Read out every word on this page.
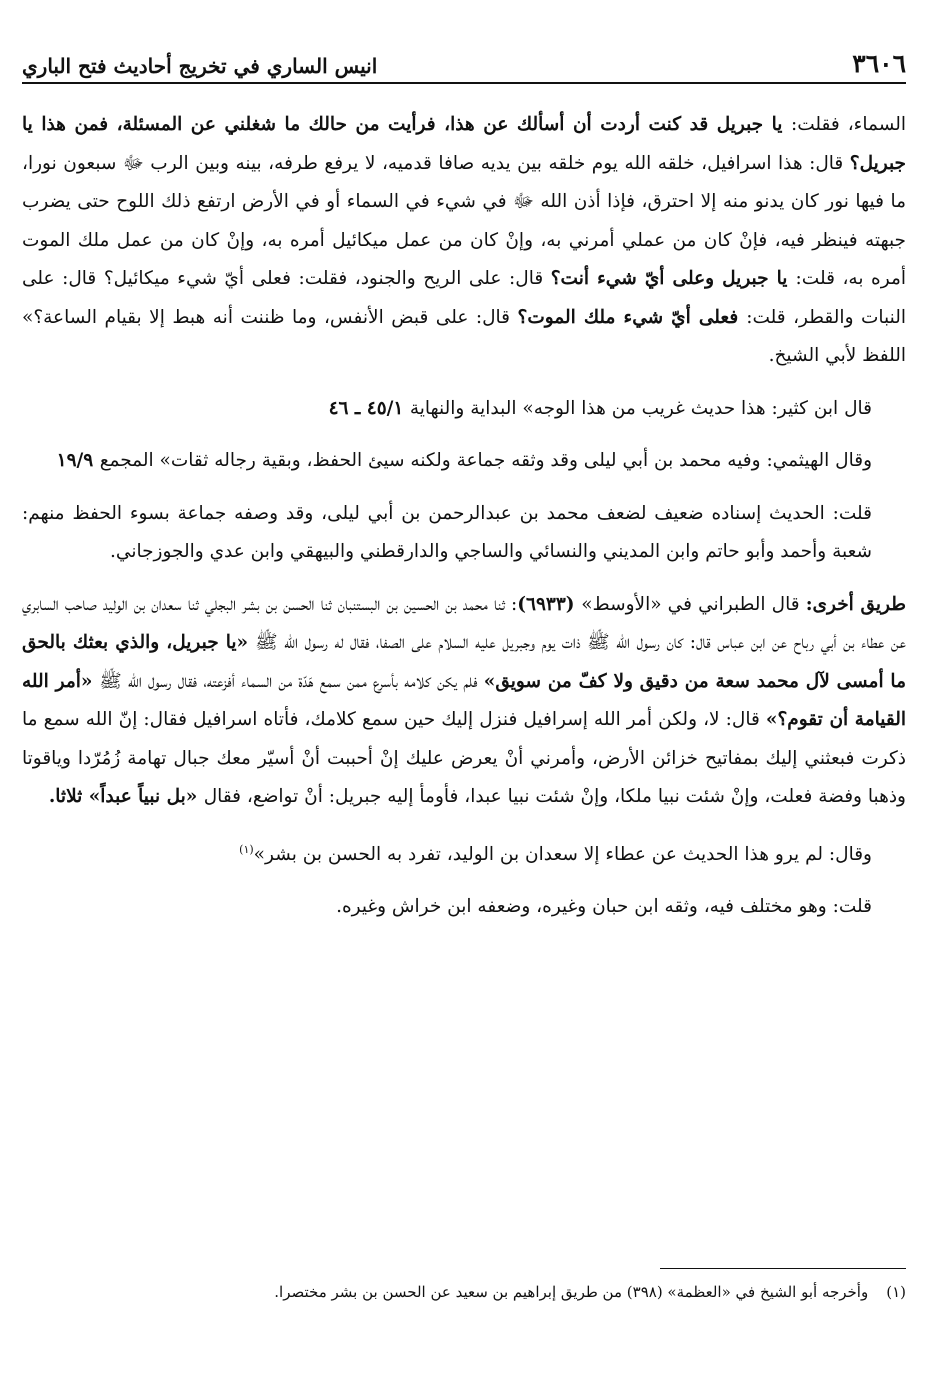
٣٦٠٦
انيس الساري في تخريج أحاديث فتح الباري

السماء، فقلت: يا جبريل قد كنت أردت أن أسألك عن هذا، فرأيت من حالك ما شغلني عن المسئلة، فمن هذا يا جبريل؟ قال: هذا اسرافيل، خلقه الله يوم خلقه بين يديه صافا قدميه، لا يرفع طرفه، بينه وبين الرب ﷻ سبعون نورا، ما فيها نور كان يدنو منه إلا احترق، فإذا أذن الله ﷻ في شيء في السماء أو في الأرض ارتفع ذلك اللوح حتى يضرب جبهته فينظر فيه، فإنْ كان من عملي أمرني به، وإنْ كان من عمل ميكائيل أمره به، وإنْ كان من عمل ملك الموت أمره به، قلت: يا جبريل وعلى أيّ شيء أنت؟ قال: على الريح والجنود، فقلت: فعلى أيّ شيء ميكائيل؟ قال: على النبات والقطر، قلت: فعلى أيّ شيء ملك الموت؟ قال: على قبض الأنفس، وما ظننت أنه هبط إلا بقيام الساعة؟» اللفظ لأبي الشيخ.

قال ابن كثير: هذا حديث غريب من هذا الوجه» البداية والنهاية ٤٥/١ ـ ٤٦

وقال الهيثمي: وفيه محمد بن أبي ليلى وقد وثقه جماعة ولكنه سيئ الحفظ، وبقية رجاله ثقات» المجمع ١٩/٩

قلت: الحديث إسناده ضعيف لضعف محمد بن عبدالرحمن بن أبي ليلى، وقد وصفه جماعة بسوء الحفظ منهم: شعبة وأحمد وأبو حاتم وابن المديني والنسائي والساجي والدارقطني والبيهقي وابن عدي والجوزجاني.

طريق أخرى: قال الطبراني في «الأوسط» (٦٩٣٣): ثنا محمد بن الحسين بن البستنبان ثنا الحسن بن بشر البجلي ثنا سعدان بن الوليد صاحب السابري عن عطاء بن أبي رباح عن ابن عباس قال: كان رسول الله ﷺ ذات يوم وجبريل عليه السلام على الصفا، فقال له رسول الله ﷺ «يا جبريل، والذي بعثك بالحق ما أمسى لآل محمد سعة من دقيق ولا كفّ من سويق» فلم يكن كلامه بأسرع ممن سمع هَدّة من السماء أفزعته، فقال رسول الله ﷺ «أمر الله القيامة أن تقوم؟» قال: لا، ولكن أمر الله إسرافيل فنزل إليك حين سمع كلامك، فأتاه اسرافيل فقال: إنّ الله سمع ما ذكرت فبعثني إليك بمفاتيح خزائن الأرض، وأمرني أنْ يعرض عليك إنْ أحببت أنْ أسيّر معك جبال تهامة زُمُرّدا وياقوتا وذهبا وفضة فعلت، وإنْ شئت نبيا ملكا، وإنْ شئت نبيا عبدا، فأومأ إليه جبريل: أنْ تواضع، فقال «بل نبياً عبداً» ثلاثا.

وقال: لم يرو هذا الحديث عن عطاء إلا سعدان بن الوليد، تفرد به الحسن بن بشر»$^{(١)}$

قلت: وهو مختلف فيه، وثقه ابن حبان وغيره، وضعفه ابن خراش وغيره.

(١)وأخرجه أبو الشيخ في «العظمة» (٣٩٨) من طريق إبراهيم بن سعيد عن الحسن بن بشر مختصرا.
